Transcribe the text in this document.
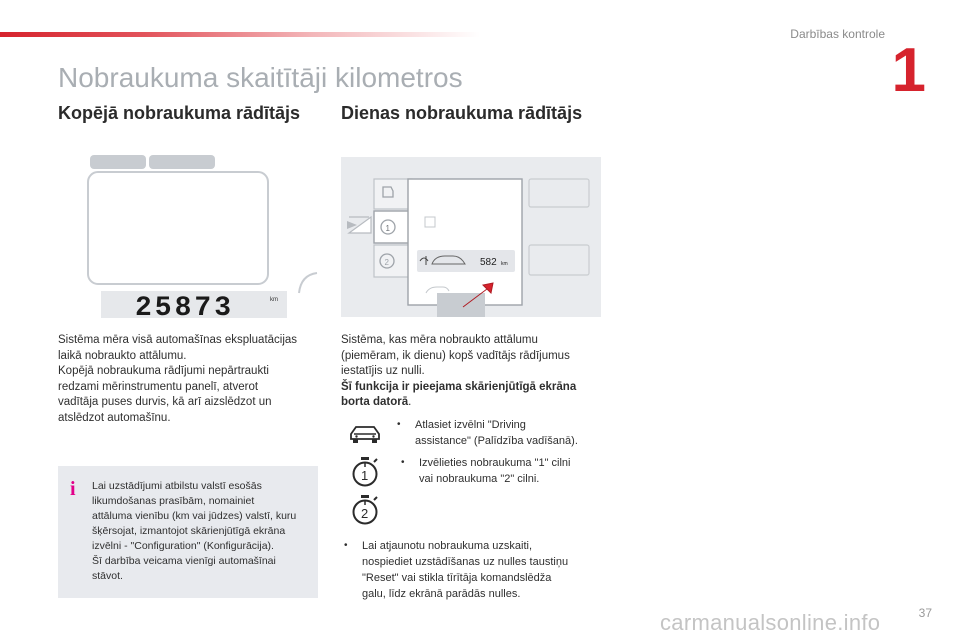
Darbības kontrole
1
Nobraukuma skaitītāji kilometros
Kopējā nobraukuma rādītājs Dienas nobraukuma rādītājs
25873	km
1
2	582 km
Sistēma mēra visā automašīnas ekspluatācijas
laikā nobraukto attālumu.
Kopējā nobraukuma rādījumi nepārtraukti
redzami mērinstrumentu panelī, atverot
vadītāja puses durvis, kā arī aizslēdzot un
atslēdzot automašīnu.
i Lai uzstādījumi atbilstu valstī esošās
likumdošanas prasībām, nomainiet
attāluma vienību (km vai jūdzes) valstī, kuru
šķērsojat, izmantojot skārienjūtīgā ekrāna
izvēlni - "Configuration" (Konfigurācija).
Šī darbība veicama vienīgi automašīnai
stāvot.
Sistēma, kas mēra nobraukto attālumu
(piemēram, ik dienu) kopš vadītājs rādījumus
iestatījis uz nulli.
Šī funkcija ir pieejama skārienjūtīgā ekrāna
borta datorā.
1
2
• Atlasiet izvēlni "Driving
assistance" (Palīdzība vadīšanā).
• Izvēlieties nobraukuma "1" cilni
vai nobraukuma "2" cilni.
• Lai atjaunotu nobraukuma uzskaiti,
nospiediet uzstādīšanas uz nulles taustiņu
"Reset" vai stikla tīrītāja komandslēdža
galu, līdz ekrānā parādās nulles.
37
carmanualsonline.info
